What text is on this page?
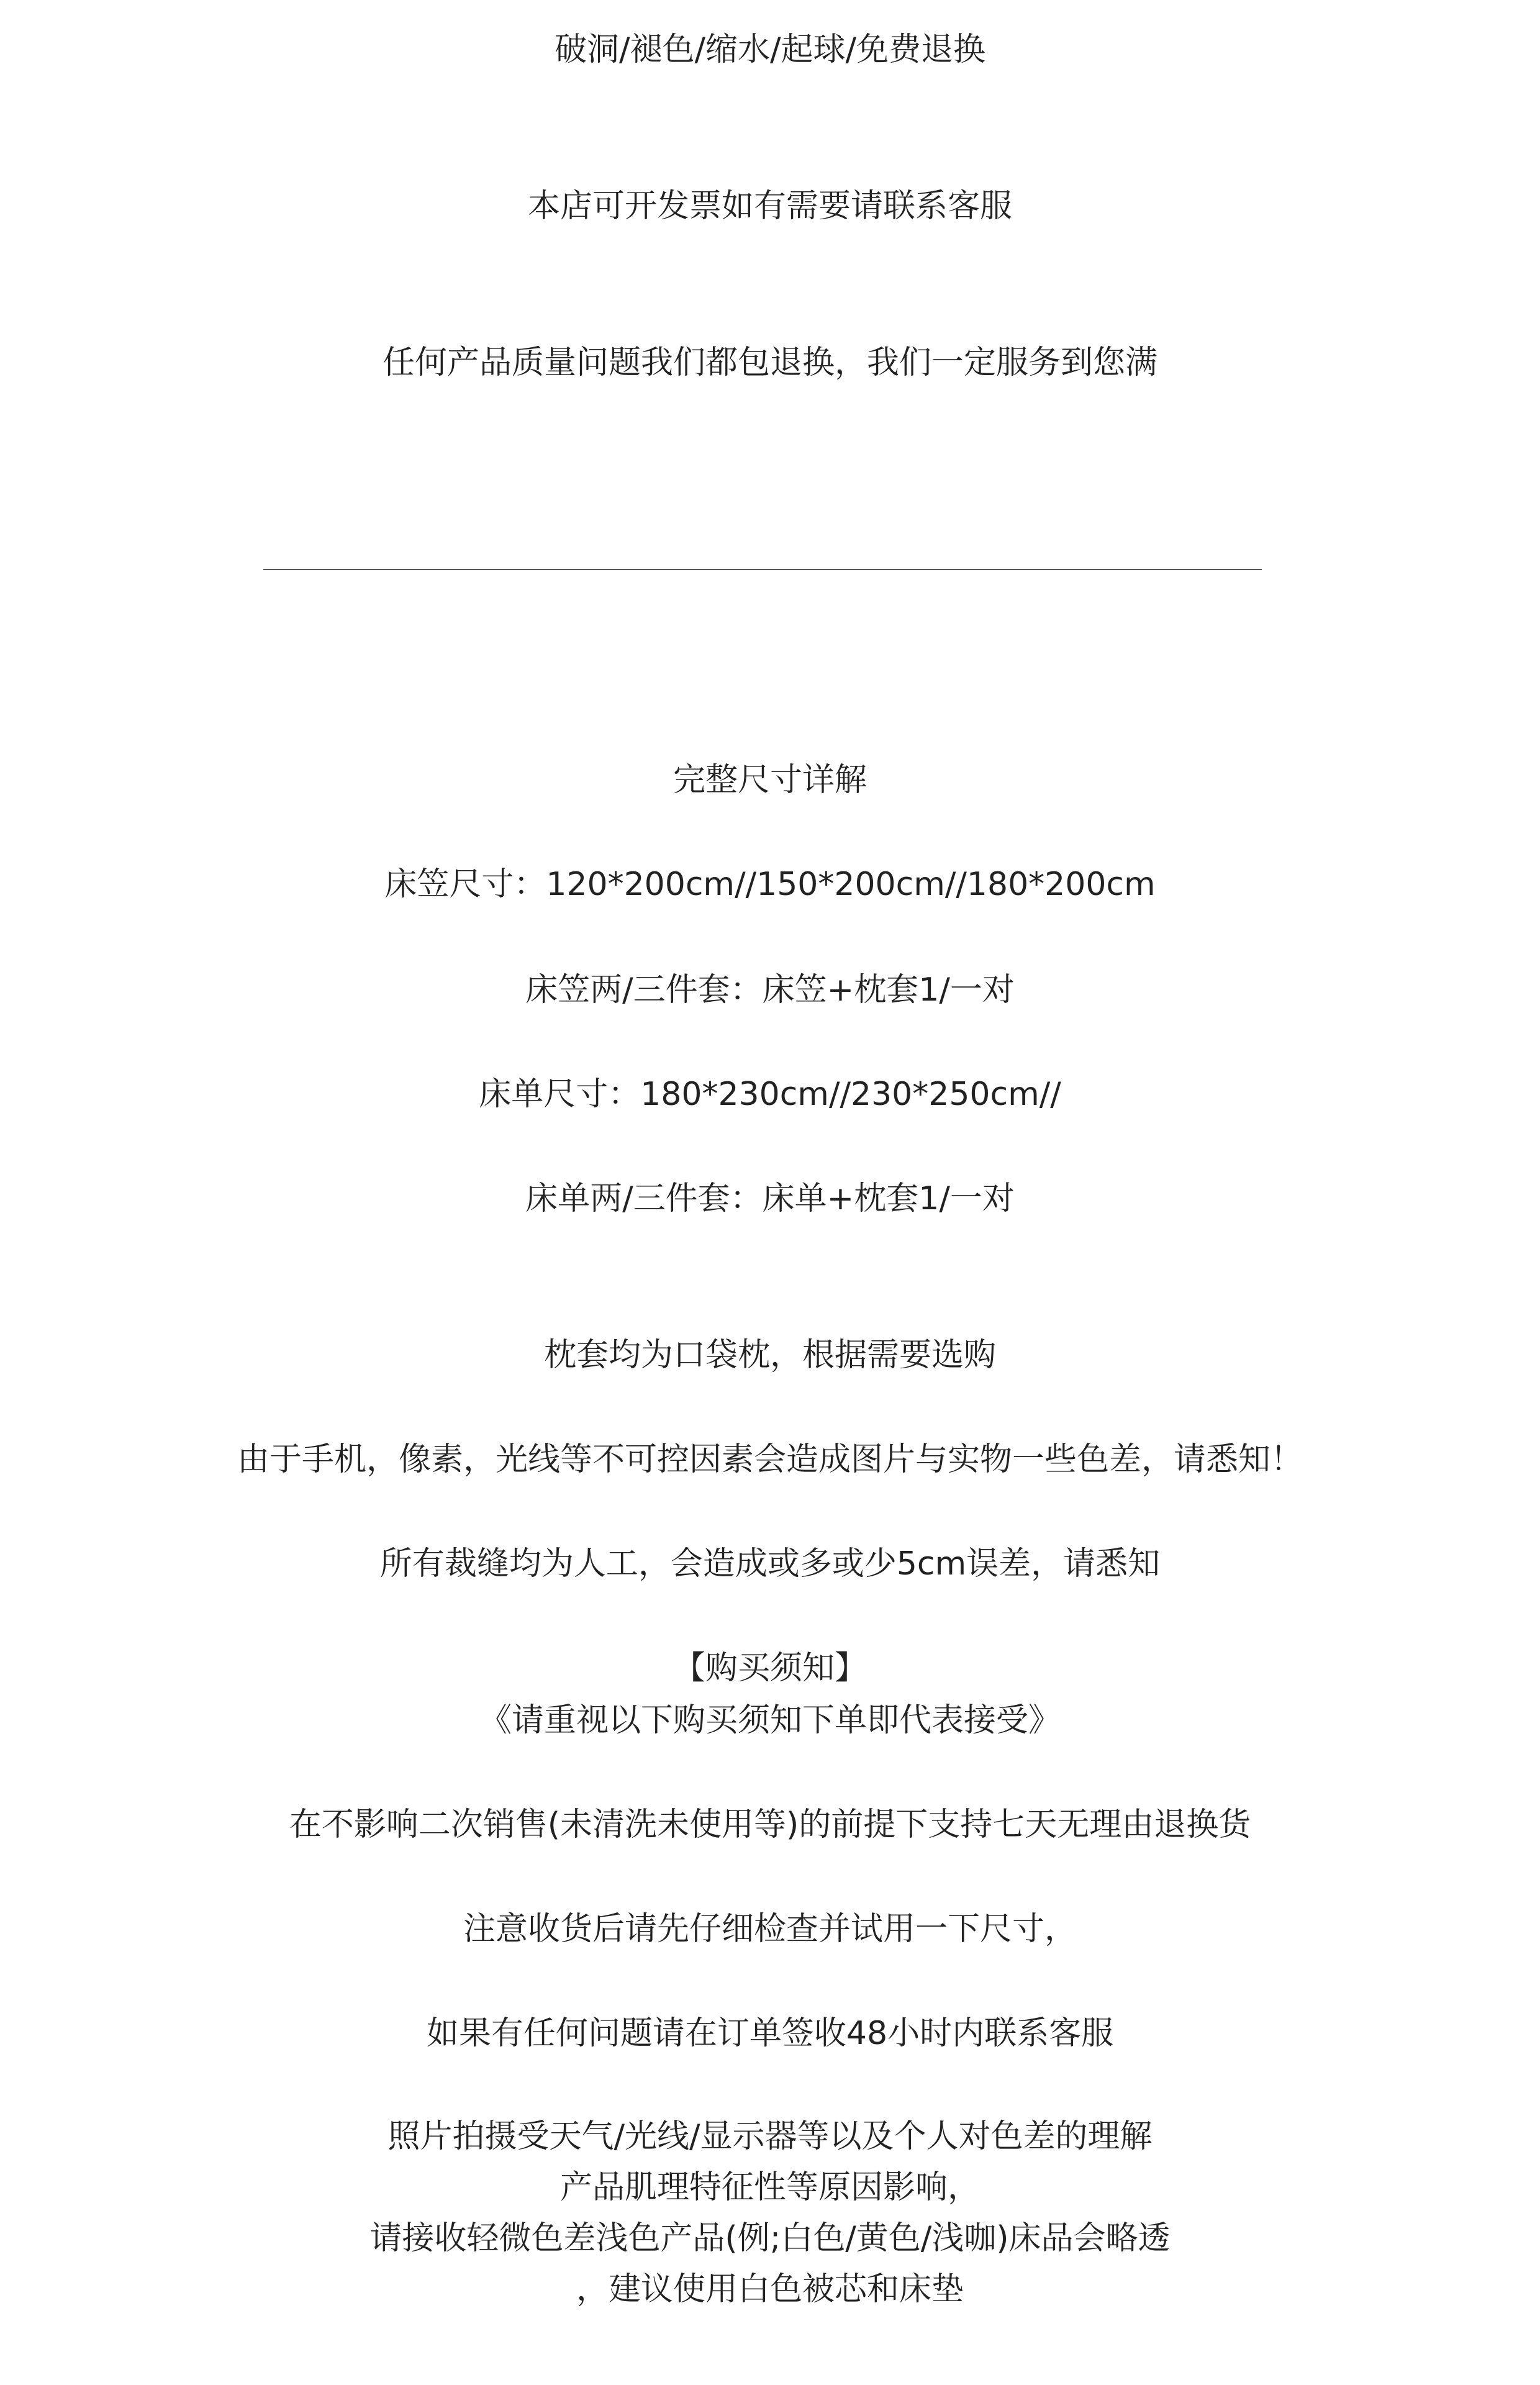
破洞/褪色/缩水/起球/免费退换
本店可开发票如有需要请联系客服
任何产品质量问题我们都包退换，我们一定服务到您满
完整尺寸详解
床笠尺寸：120*200cm//150*200cm//180*200cm
床笠两/三件套：床笠+枕套1/一对
床单尺寸：180*230cm//230*250cm//
床单两/三件套：床单+枕套1/一对
枕套均为口袋枕，根据需要选购
由于手机，像素，光线等不可控因素会造成图片与实物一些色差，请悉知！
所有裁缝均为人工，会造成或多或少5cm误差，请悉知
【购买须知】
《请重视以下购买须知下单即代表接受》
在不影响二次销售(未清洗未使用等)的前提下支持七天无理由退换货
注意收货后请先仔细检查并试用一下尺寸，
如果有任何问题请在订单签收48小时内联系客服
照片拍摄受天气/光线/显示器等以及个人对色差的理解
产品肌理特征性等原因影响，
请接收轻微色差浅色产品(例;白色/黄色/浅咖)床品会略透
，建议使用白色被芯和床垫
